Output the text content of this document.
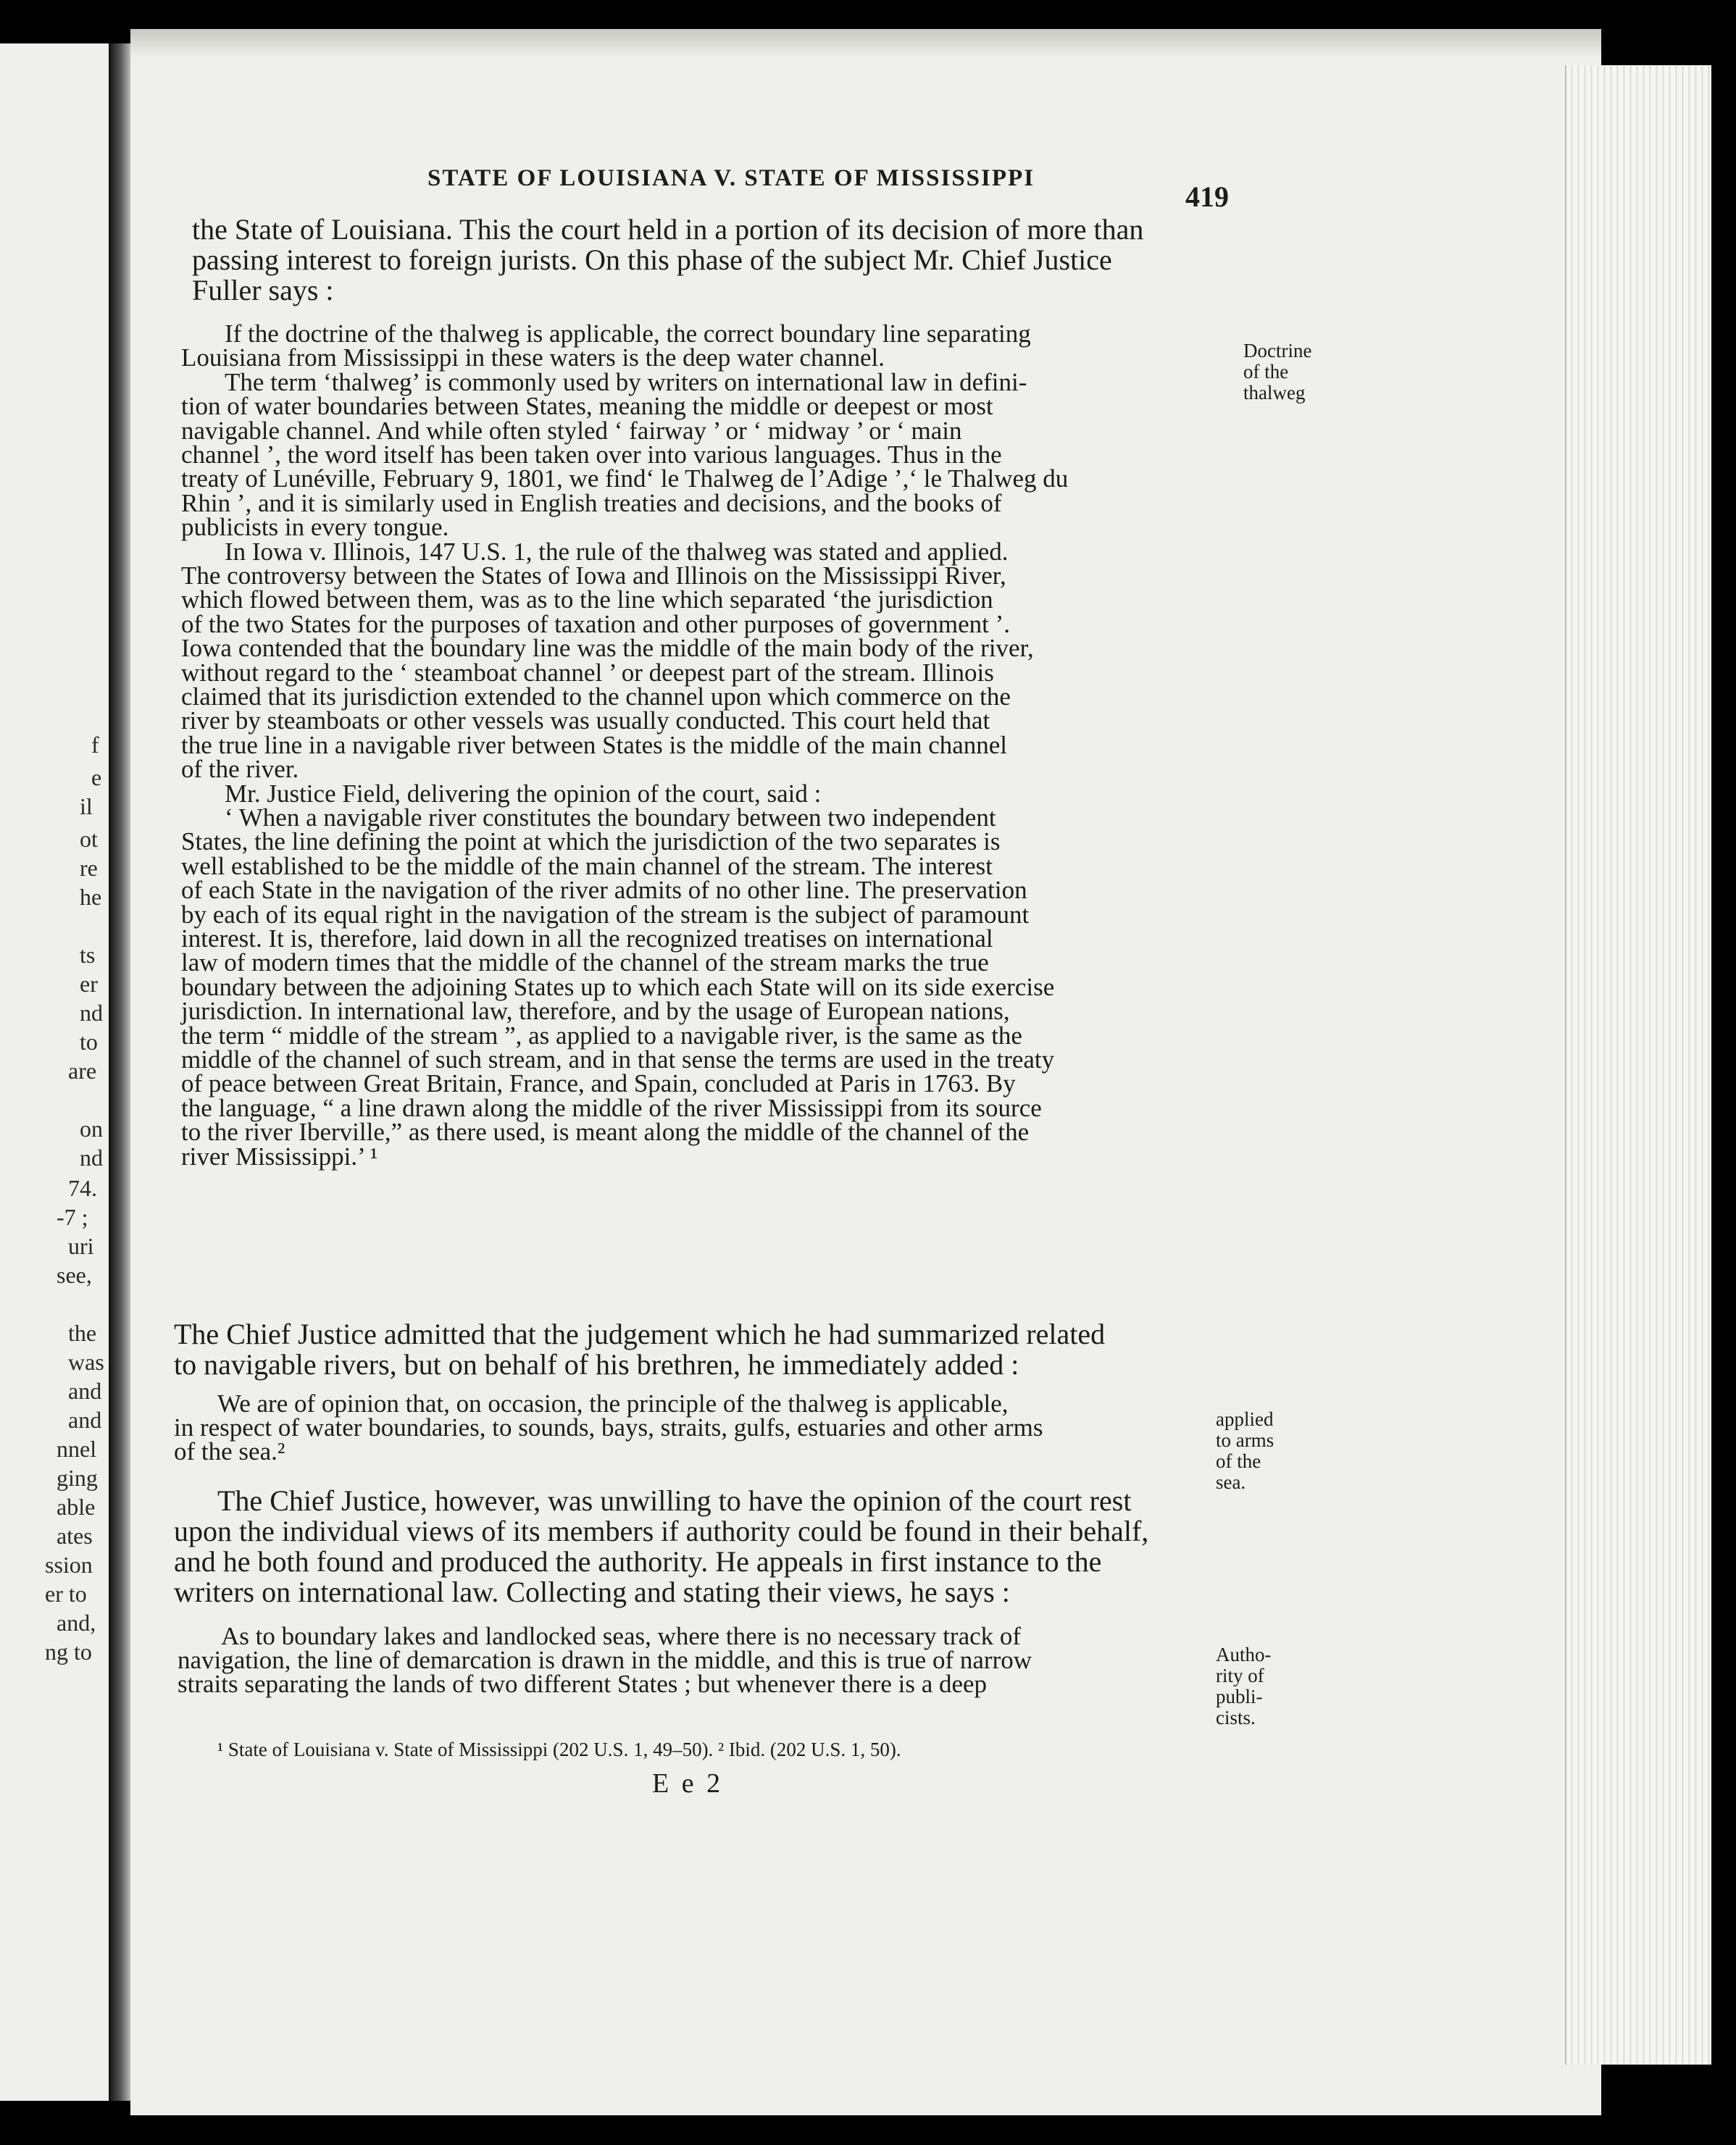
f
e
il
ot
re
he
ts
er
nd
to
are
on
nd
74.
-7 ;
uri
see,
the
was
and
and
nnel
ging
able
ates
ssion
er to
and,
ng to
STATE OF LOUISIANA V. STATE OF MISSISSIPPI
419
the State of Louisiana. This the court held in a portion of its decision of more than
passing interest to foreign jurists. On this phase of the subject Mr. Chief Justice
Fuller says :
If the doctrine of the thalweg is applicable, the correct boundary line separating
Louisiana from Mississippi in these waters is the deep water channel.
The term ‘thalweg’ is commonly used by writers on international law in defini-
tion of water boundaries between States, meaning the middle or deepest or most
navigable channel. And while often styled ‘ fairway ’ or ‘ midway ’ or ‘ main
channel ’, the word itself has been taken over into various languages. Thus in the
treaty of Lunéville, February 9, 1801, we find‘ le Thalweg de l’Adige ’,‘ le Thalweg du
Rhin ’, and it is similarly used in English treaties and decisions, and the books of
publicists in every tongue.
In Iowa v. Illinois, 147 U.S. 1, the rule of the thalweg was stated and applied.
The controversy between the States of Iowa and Illinois on the Mississippi River,
which flowed between them, was as to the line which separated ‘the jurisdiction
of the two States for the purposes of taxation and other purposes of government ’.
Iowa contended that the boundary line was the middle of the main body of the river,
without regard to the ‘ steamboat channel ’ or deepest part of the stream. Illinois
claimed that its jurisdiction extended to the channel upon which commerce on the
river by steamboats or other vessels was usually conducted. This court held that
the true line in a navigable river between States is the middle of the main channel
of the river.
Mr. Justice Field, delivering the opinion of the court, said :
‘ When a navigable river constitutes the boundary between two independent
States, the line defining the point at which the jurisdiction of the two separates is
well established to be the middle of the main channel of the stream. The interest
of each State in the navigation of the river admits of no other line. The preservation
by each of its equal right in the navigation of the stream is the subject of paramount
interest. It is, therefore, laid down in all the recognized treatises on international
law of modern times that the middle of the channel of the stream marks the true
boundary between the adjoining States up to which each State will on its side exercise
jurisdiction. In international law, therefore, and by the usage of European nations,
the term “ middle of the stream ”, as applied to a navigable river, is the same as the
middle of the channel of such stream, and in that sense the terms are used in the treaty
of peace between Great Britain, France, and Spain, concluded at Paris in 1763. By
the language, “ a line drawn along the middle of the river Mississippi from its source
to the river Iberville,” as there used, is meant along the middle of the channel of the
river Mississippi.’ ¹
The Chief Justice admitted that the judgement which he had summarized related
to navigable rivers, but on behalf of his brethren, he immediately added :
We are of opinion that, on occasion, the principle of the thalweg is applicable,
in respect of water boundaries, to sounds, bays, straits, gulfs, estuaries and other arms
of the sea.²
The Chief Justice, however, was unwilling to have the opinion of the court rest
upon the individual views of its members if authority could be found in their behalf,
and he both found and produced the authority. He appeals in first instance to the
writers on international law. Collecting and stating their views, he says :
As to boundary lakes and landlocked seas, where there is no necessary track of
navigation, the line of demarcation is drawn in the middle, and this is true of narrow
straits separating the lands of two different States ; but whenever there is a deep
Doctrine
of the
thalweg
applied
to arms
of the
sea.
Autho-
rity of
publi-
cists.
¹ State of Louisiana v. State of Mississippi (202 U.S. 1, 49–50). ² Ibid. (202 U.S. 1, 50).
E e 2
